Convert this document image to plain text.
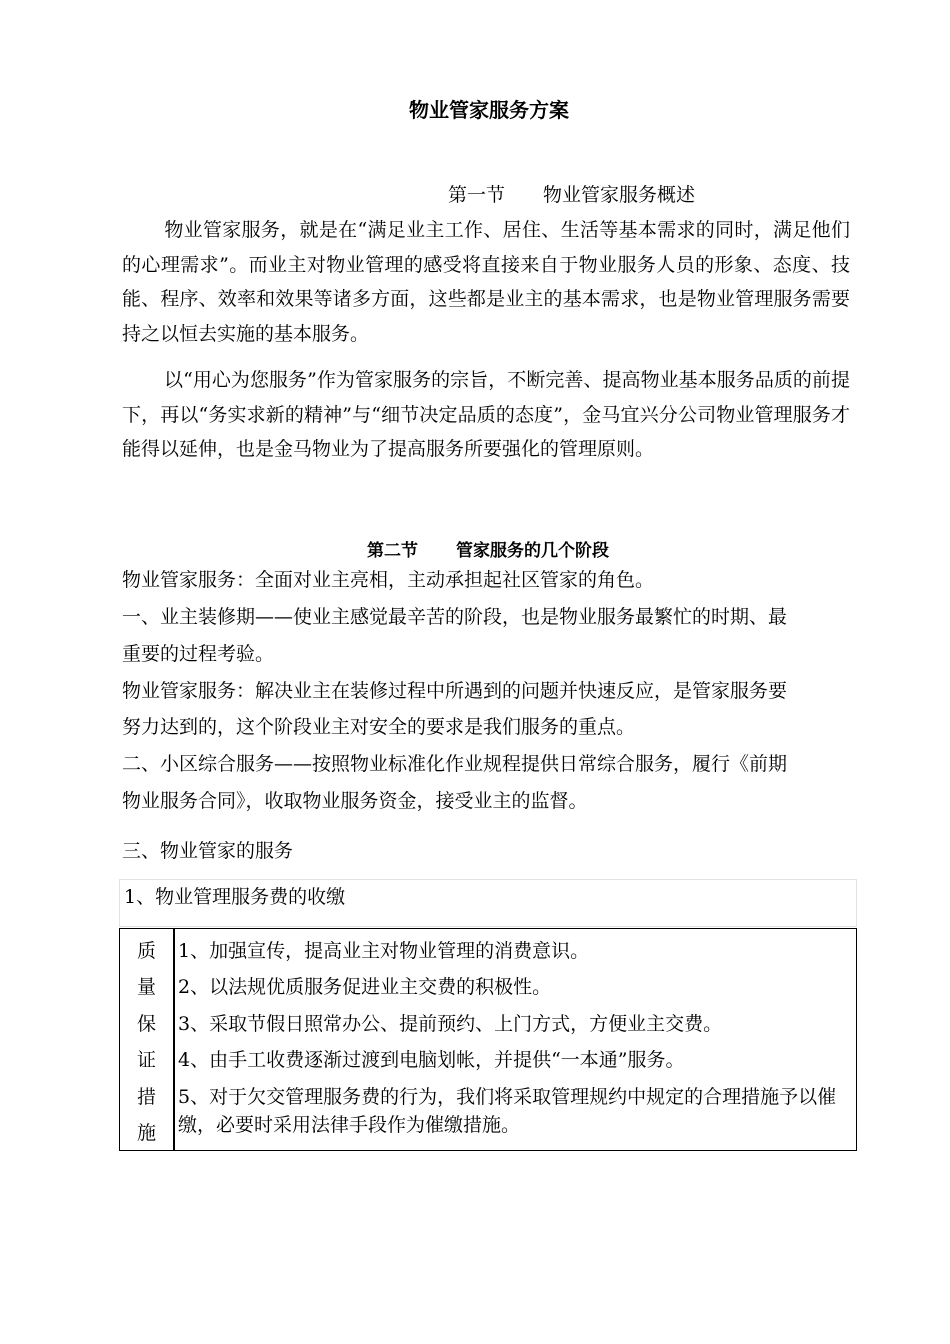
物业管家服务方案
第一节 物业管家服务概述
物业管家服务，就是在“满足业主工作、居住、生活等基本需求的同时，满足他们的心理需求”。而业主对物业管理的感受将直接来自于物业服务人员的形象、态度、技能、程序、效率和效果等诸多方面，这些都是业主的基本需求，也是物业管理服务需要持之以恒去实施的基本服务。
以“用心为您服务”作为管家服务的宗旨，不断完善、提高物业基本服务品质的前提下，再以“务实求新的精神”与“细节决定品质的态度”，金马宜兴分公司物业管理服务才能得以延伸，也是金马物业为了提高服务所要强化的管理原则。
第二节 管家服务的几个阶段
物业管家服务：全面对业主亮相，主动承担起社区管家的角色。
一、业主装修期——使业主感觉最辛苦的阶段，也是物业服务最繁忙的时期、最
重要的过程考验。
物业管家服务：解决业主在装修过程中所遇到的问题并快速反应，是管家服务要
努力达到的，这个阶段业主对安全的要求是我们服务的重点。
二、小区综合服务——按照物业标准化作业规程提供日常综合服务，履行《前期
物业服务合同》，收取物业服务资金，接受业主的监督。
三、物业管家的服务
1、物业管理服务费的收缴
质
量
保
证
措
施
1、加强宣传，提高业主对物业管理的消费意识。
2、以法规优质服务促进业主交费的积极性。
3、采取节假日照常办公、提前预约、上门方式，方便业主交费。
4、由手工收费逐渐过渡到电脑划帐，并提供“一本通”服务。
5、对于欠交管理服务费的行为，我们将采取管理规约中规定的合理措施予以催缴，必要时采用法律手段作为催缴措施。
